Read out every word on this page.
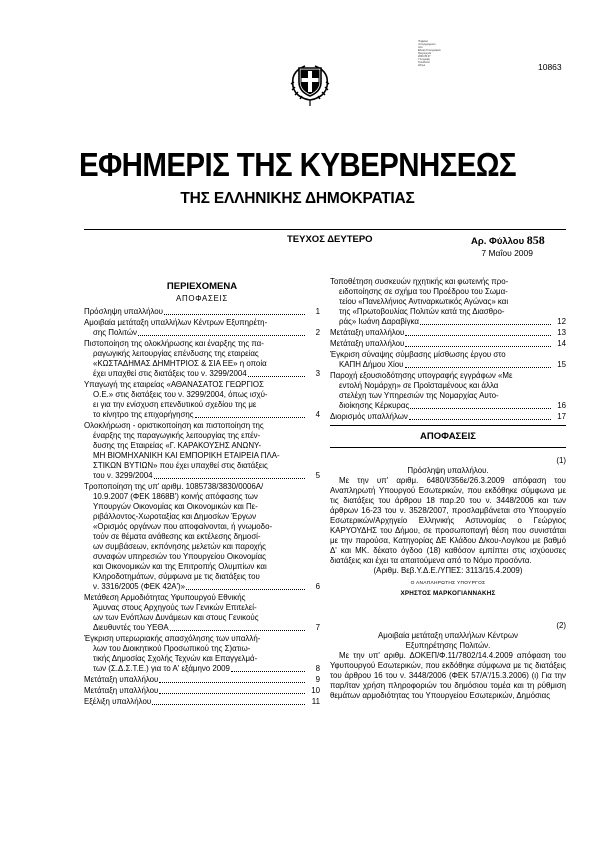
Ψηφιακά
υπογεγραμμένο
από
Εθνικό Τυπογραφείο
Ημερομηνία
2009.05.07
Υπογραφή
Τοποθεσία
Αθήνα	10863
ΕΦΗΜΕΡΙΣ ΤΗΣ ΚΥΒΕΡΝΗΣΕΩΣ
ΤΗΣ ΕΛΛΗΝΙΚΗΣ ΔΗΜΟΚΡΑΤΙΑΣ
ΤΕΥΧΟΣ ΔΕΥΤΕΡΟ	Αρ. Φύλλου 858
7 Μαΐου 2009
ΠΕΡΙΕΧΟΜΕΝΑ
ΑΠΟΦΑΣΕΙΣ
Πρόσληψη υπαλλήλου	1
Αμοιβαία μετάταξη υπαλλήλων Κέντρων Εξυπηρέτη-
σης Πολιτών	2
Πιστοποίηση της ολοκλήρωσης και έναρξης της πα-
ραγωγικής λειτουργίας επένδυσης της εταιρείας
«ΚΩΣΤΑΔΗΜΑΣ ΔΗΜΗΤΡΙΟΣ & ΣΙΑ ΕΕ» η οποία
έχει υπαχθεί στις διατάξεις του ν. 3299/2004	3
Υπαγωγή της εταιρείας «ΑΘΑΝΑΣΑΤΟΣ ΓΕΩΡΓΙΟΣ
Ο.Ε.» στις διατάξεις του ν. 3299/2004, όπως ισχύ-
ει για την ενίσχυση επενδυτικού σχεδίου της με
το κίνητρο της επιχορήγησης	4
Ολοκλήρωση - οριστικοποίηση και πιστοποίηση της
έναρξης της παραγωγικής λειτουργίας της επέν-
δυσης της Εταιρείας «Γ. ΚΑΡΑΚΟΥΣΗΣ ΑΝΩΝΥ-
ΜΗ ΒΙΟΜΗΧΑΝΙΚΗ ΚΑΙ ΕΜΠΟΡΙΚΗ ΕΤΑΙΡΕΙΑ ΠΛΑ-
ΣΤΙΚΩΝ ΒΥΤΙΩΝ» που έχει υπαχθεί στις διατάξεις
του ν. 3299/2004	5
Τροποποίηση της υπ' αριθμ. 1085738/3830/0006Α/
10.9.2007 (ΦΕΚ 1868Β') κοινής απόφασης των
Υπουργών Οικονομίας και Οικονομικών και Πε-
ριβάλλοντος-Χωροταξίας και Δημοσίων Έργων
«Ορισμός οργάνων που αποφαίνονται, ή γνωμοδο-
τούν σε θέματα ανάθεσης και εκτέλεσης δημοσί-
ων συμβάσεων, εκπόνησης μελετών και παροχής
συναφών υπηρεσιών του Υπουργείου Οικονομίας
και Οικονομικών και της Επιτροπής Ολυμπίων και
Κληροδοτημάτων, σύμφωνα με τις διατάξεις του
ν. 3316/2005 (ΦΕΚ 42Α')»	6
Μετάθεση Αρμοδιότητας Υφυπουργού Εθνικής
Άμυνας στους Αρχηγούς των Γενικών Επιτελεί-
ων των Ενόπλων Δυνάμεων και στους Γενικούς
Διευθυντές του ΥΕΘΑ	7
Έγκριση υπερωριακής απασχόλησης των υπαλλή-
λων του Διοικητικού Προσωπικού της Σ)ατιω-
τικής Δημοσίας Σχολής Τεχνών και Επαγγελμά-
των (Σ.Δ.Σ.Τ.Ε.) για το Α' εξάμηνο 2009	8
Μετάταξη υπαλλήλου	9
Μετάταξη υπαλλήλου	10
Εξέλιξη υπαλλήλου	11
Τοποθέτηση συσκευών ηχητικής και φωτεινής προ-
ειδοποίησης σε σχήμα του Προέδρου του Σωμα-
τείου «Πανελλήνιος Αντιναρκωτικός Αγώνας» και
της «Πρωτοβουλίας Πολιτών κατά της Διασθρο-
ράς» Ιωάνη Δαραβίγκα	12
Μετάταξη υπαλλήλου	13
Μετάταξη υπαλλήλου	14
Έγκριση σύναψης σύμβασης μίσθωσης έργου στο
ΚΑΠΗ Δήμου Χίου	15
Παροχή εξουσιοδότησης υπογραφής εγγράφων «Με
εντολή Νομάρχη» σε Προϊσταμένους και άλλα
στελέχη των Υπηρεσιών της Νομαρχίας Αυτο-
διοίκησης Κέρκυρας	16
Διορισμός υπαλλήλων	17
ΑΠΟΦΑΣΕΙΣ
(1)
Πρόσληψη υπαλλήλου.
Με την υπ' αριθμ. 6480/Ι/356ε/26.3.2009 απόφαση του Αναπληρωτή Υπουργού Εσωτερικών, που εκδόθηκε σύμφωνα με τις διατάξεις του άρθρου 18 παρ.20 του ν. 3448/2006 και των άρθρων 16-23 του ν. 3528/2007, προσλαμβάνεται στο Υπουργείο Εσωτερικών/Αρχηγείο Ελληνικής Αστυνομίας ο Γεώργιος ΚΑΡΥΟΥΔΗΣ του Δήμου, σε προσωποπαγή θέση που συνιστάται με την παρούσα, Κατηγορίας ΔΕ Κλάδου Δ/κου-Λογ/κου με βαθμό Δ' και ΜΚ. δέκατο όγδοο (18) καθόσον εμπίπτει στις ισχύουσες διατάξεις και έχει τα απαιτούμενα από το Νόμο προσόντα.
(Αριθμ. Βεβ.Υ.Δ.Ε./ΥΠΕΣ: 3113/15.4.2009)
Ο ΑΝΑΠΛΗΡΩΤΗΣ ΥΠΟΥΡΓΟΣ
ΧΡΗΣΤΟΣ ΜΑΡΚΟΓΙΑΝΝΑΚΗΣ
(2)
Αμοιβαία μετάταξη υπαλλήλων Κέντρων
Εξυπηρέτησης Πολιτών.
Με την υπ' αριθμ. ΔΟΚΕΠ/Φ.11/7802/14.4.2009 απόφαση του Υφυπουργού Εσωτερικών, που εκδόθηκε σύμφωνα με τις διατάξεις του άρθρου 16 του ν. 3448/2006 (ΦΕΚ 57/Α'/15.3.2006) (ι) Για την παρ/ίταν χρήση πληροφοριών του δημόσιου τομέα και τη ρύθμιση θεμάτων αρμοδιότητας του Υπουργείου Εσωτερικών, Δημόσιας
